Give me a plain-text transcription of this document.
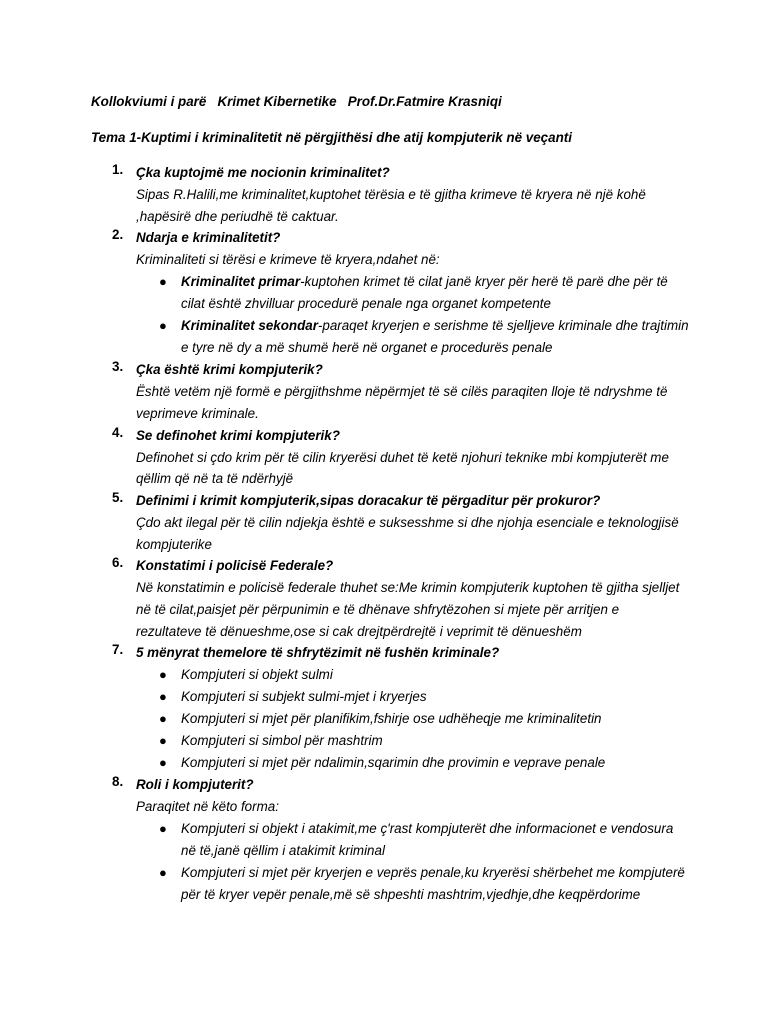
Kollokviumi i parë   Krimet Kibernetike   Prof.Dr.Fatmire Krasniqi
Tema 1-Kuptimi i kriminalitetit në përgjithësi dhe atij kompjuterik në veçanti
1. Çka kuptojmë me nocionin kriminalitet?
Sipas R.Halili,me kriminalitet,kuptohet tërësia e të gjitha krimeve të kryera në një kohë ,hapësirë dhe periudhë të caktuar.
2. Ndarja e kriminalitetit?
Kriminaliteti si tërësi e krimeve të kryera,ndahet në:
● Kriminalitet primar-kuptohen krimet të cilat janë kryer për herë të parë dhe për të cilat është zhvilluar procedurë penale nga organet kompetente
● Kriminalitet sekondar-paraqet kryerjen e serishme të sjelljeve kriminale dhe trajtimin e tyre në dy a më shumë herë në organet e procedurës penale
3. Çka është krimi kompjuterik?
Është vetëm një formë e përgjithshme nëpërmjet të së cilës paraqiten lloje të ndryshme të veprimeve kriminale.
4. Se definohet krimi kompjuterik?
Definohet si çdo krim për të cilin kryerësi duhet të ketë njohuri teknike mbi kompjuterët me qëllim që në ta të ndërhyjë
5. Definimi i krimit kompjuterik,sipas doracakur të përgaditur për prokuror?
Çdo akt ilegal për të cilin ndjekja është e suksesshme si dhe njohja esenciale e teknologjisë kompjuterike
6. Konstatimi i policisë Federale?
Në konstatimin e policisë federale thuhet se:Me krimin kompjuterik kuptohen të gjitha sjelljet në të cilat,paisjet për përpunimin e të dhënave shfrytëzohen si mjete për arritjen e rezultateve të dënueshme,ose si cak drejtpërdrejtë i veprimit të dënueshëm
7. 5 mënyrat themelore të shfrytëzimit në fushën kriminale?
● Kompjuteri si objekt sulmi
● Kompjuteri si subjekt sulmi-mjet i kryerjes
● Kompjuteri si mjet për planifikim,fshirje ose udhëheqje me kriminalitetin
● Kompjuteri si simbol për mashtrim
● Kompjuteri si mjet për ndalimin,sqarimin dhe provimin e veprave penale
8. Roli i kompjuterit?
Paraqitet në këto forma:
● Kompjuteri si objekt i atakimit,me ç'rast kompjuterët dhe informacionet e vendosura në të,janë qëllim i atakimit kriminal
● Kompjuteri si mjet për kryerjen e veprës penale,ku kryerësi shërbehet me kompjuterë për të kryer vepër penale,më së shpeshti mashtrim,vjedhje,dhe keqpërdorime
